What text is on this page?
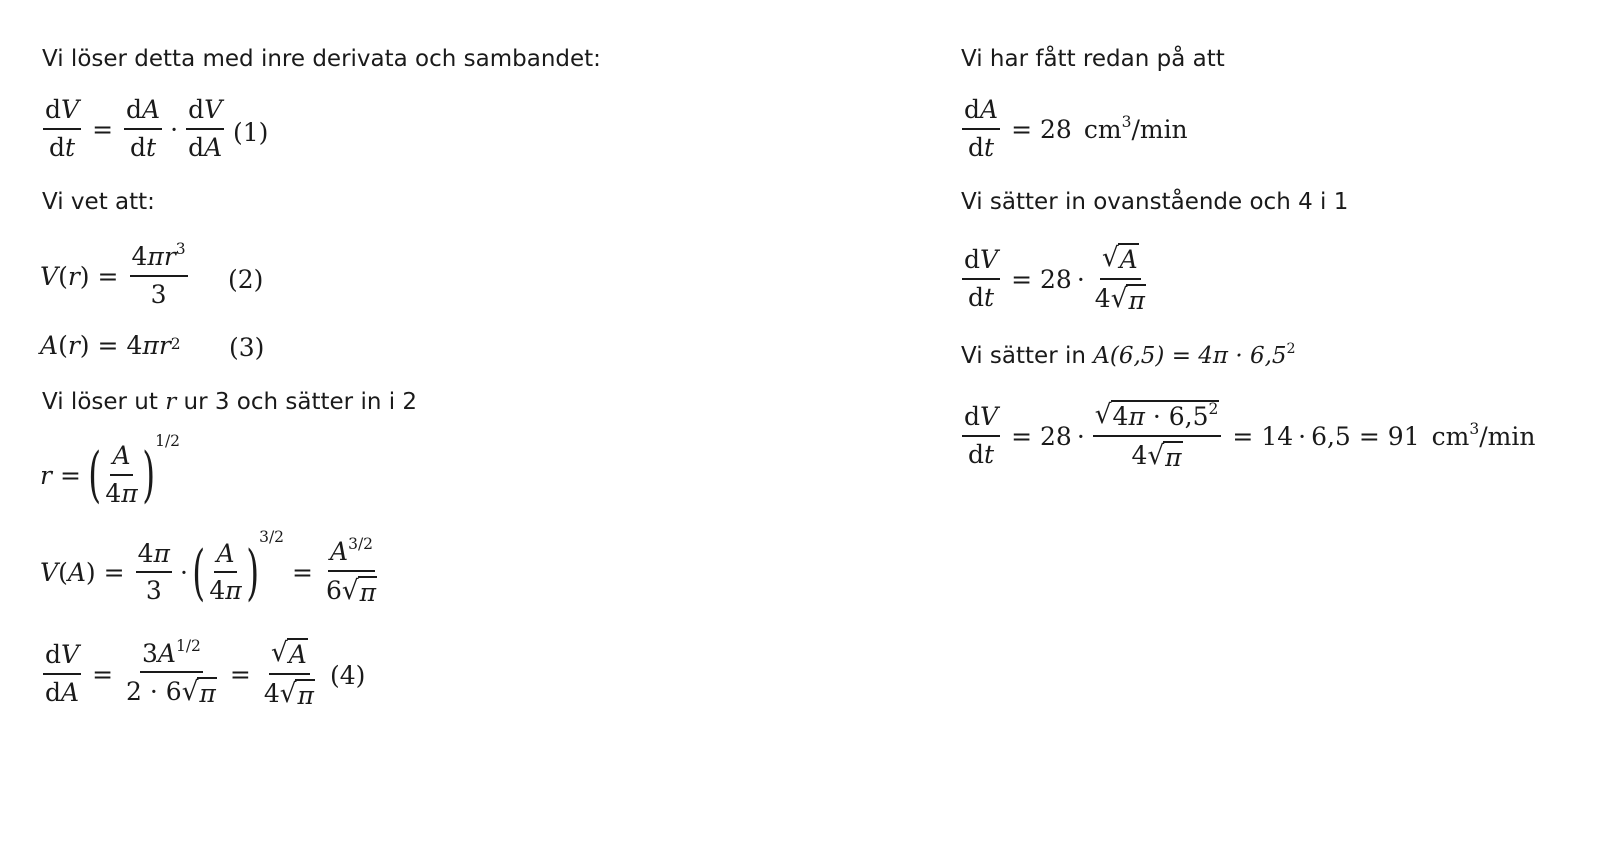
Vi löser detta med inre derivata och sambandet:
$\frac{dV}{dt} = \frac{dA}{dt} \cdot \frac{dV}{dA} (1)$
Vi vet att:
V ( r ) = $\frac{4\pi r^3}{3} (2)$
A ( r ) = 4 $\pi r^2$ (3)
Vi löser ut r ur 3 och sätter in i 2
r = ( $\frac{A}{4\pi}$ ) 1/2
V ( A ) = $\frac{4\pi}{3}$ · ( $\frac{A}{4\pi}$ )
3/2
= $\frac{A^{3/2}}{6 √ \pi}$
$\frac{dV}{dA} = \frac{3A^{1/2}}{2 \cdot 6 √ \pi} = \frac{√ A}{4 √ \pi} (4)$
Vi har fått redan på att
$\frac{dA}{dt} = 28$ $cm^3/\min$
Vi sätter in ovanstående och 4 i 1
$\frac{dV}{dt} = 28 \cdot \frac{√ A}{4 √ \pi}$
Vi sätter in $A(6,5) = 4\pi \cdot 6,5^2$
$\frac{dV}{dt} = 28 \cdot \frac{√ 4\pi \cdot 6,5^2}{4 √ \pi} = 14 \cdot 6,5 = 91$ $cm^3/\min$
